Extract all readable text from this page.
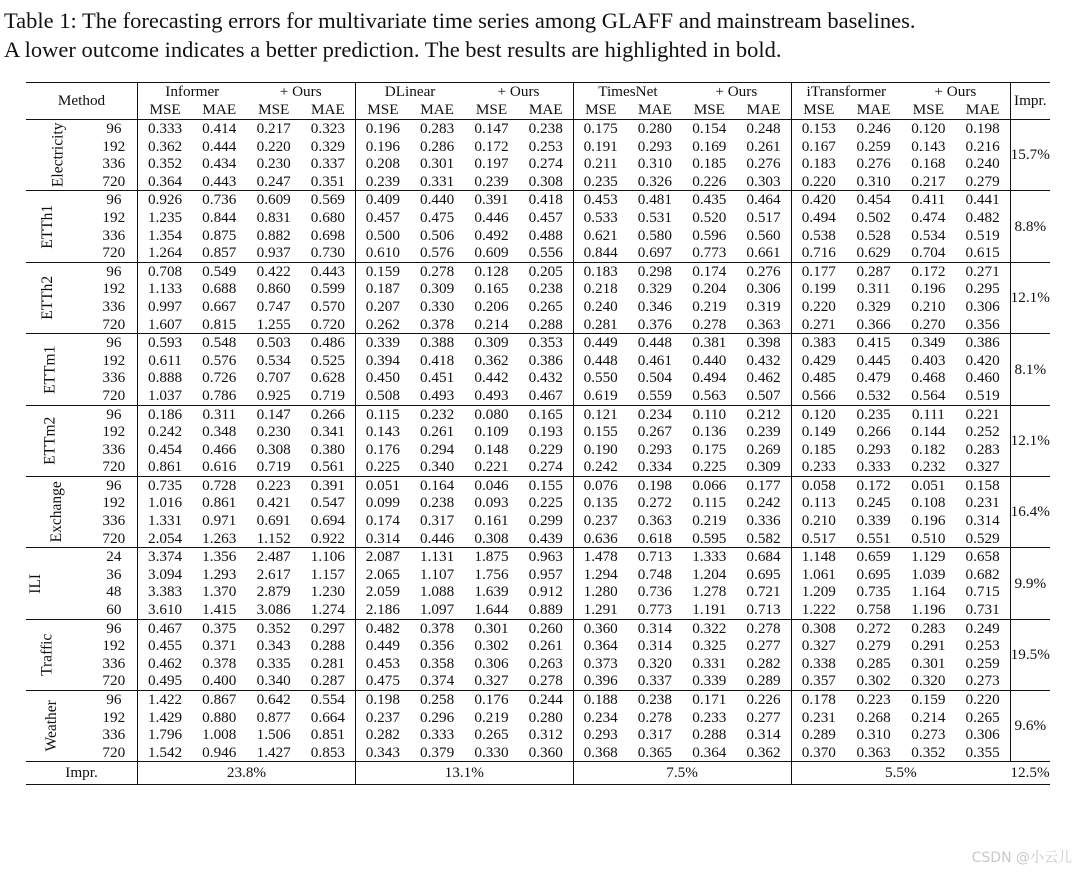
Table 1: The forecasting errors for multivariate time series among GLAFF and mainstream baselines.
A lower outcome indicates a better prediction. The best results are highlighted in bold.
Method		Informer		+ Ours		DLinear		+ Ours		TimesNet		+ Ours		iTransformer		+ Ours		Impr.
		MSE	MAE	MSE	MAE	MSE	MAE	MSE	MAE	MSE	MAE	MSE	MAE	MSE	MAE	MSE	MAE	
Electricity	96	0.333	0.414	0.217	0.323	0.196	0.283	0.147	0.238	0.175	0.280	0.154	0.248	0.153	0.246	0.120	0.198	15.7%
	192	0.362	0.444	0.220	0.329	0.196	0.286	0.172	0.253	0.191	0.293	0.169	0.261	0.167	0.259	0.143	0.216	
	336	0.352	0.434	0.230	0.337	0.208	0.301	0.197	0.274	0.211	0.310	0.185	0.276	0.183	0.276	0.168	0.240	
	720	0.364	0.443	0.247	0.351	0.239	0.331	0.239	0.308	0.235	0.326	0.226	0.303	0.220	0.310	0.217	0.279	
ETTh1	96	0.926	0.736	0.609	0.569	0.409	0.440	0.391	0.418	0.453	0.481	0.435	0.464	0.420	0.454	0.411	0.441	8.8%
	192	1.235	0.844	0.831	0.680	0.457	0.475	0.446	0.457	0.533	0.531	0.520	0.517	0.494	0.502	0.474	0.482	
	336	1.354	0.875	0.882	0.698	0.500	0.506	0.492	0.488	0.621	0.580	0.596	0.560	0.538	0.528	0.534	0.519	
	720	1.264	0.857	0.937	0.730	0.610	0.576	0.609	0.556	0.844	0.697	0.773	0.661	0.716	0.629	0.704	0.615	
ETTh2	96	0.708	0.549	0.422	0.443	0.159	0.278	0.128	0.205	0.183	0.298	0.174	0.276	0.177	0.287	0.172	0.271	12.1%
	192	1.133	0.688	0.860	0.599	0.187	0.309	0.165	0.238	0.218	0.329	0.204	0.306	0.199	0.311	0.196	0.295	
	336	0.997	0.667	0.747	0.570	0.207	0.330	0.206	0.265	0.240	0.346	0.219	0.319	0.220	0.329	0.210	0.306	
	720	1.607	0.815	1.255	0.720	0.262	0.378	0.214	0.288	0.281	0.376	0.278	0.363	0.271	0.366	0.270	0.356	
ETTm1	96	0.593	0.548	0.503	0.486	0.339	0.388	0.309	0.353	0.449	0.448	0.381	0.398	0.383	0.415	0.349	0.386	8.1%
	192	0.611	0.576	0.534	0.525	0.394	0.418	0.362	0.386	0.448	0.461	0.440	0.432	0.429	0.445	0.403	0.420	
	336	0.888	0.726	0.707	0.628	0.450	0.451	0.442	0.432	0.550	0.504	0.494	0.462	0.485	0.479	0.468	0.460	
	720	1.037	0.786	0.925	0.719	0.508	0.493	0.493	0.467	0.619	0.559	0.563	0.507	0.566	0.532	0.564	0.519	
ETTm2	96	0.186	0.311	0.147	0.266	0.115	0.232	0.080	0.165	0.121	0.234	0.110	0.212	0.120	0.235	0.111	0.221	12.1%
	192	0.242	0.348	0.230	0.341	0.143	0.261	0.109	0.193	0.155	0.267	0.136	0.239	0.149	0.266	0.144	0.252	
	336	0.454	0.466	0.308	0.380	0.176	0.294	0.148	0.229	0.190	0.293	0.175	0.269	0.185	0.293	0.182	0.283	
	720	0.861	0.616	0.719	0.561	0.225	0.340	0.221	0.274	0.242	0.334	0.225	0.309	0.233	0.333	0.232	0.327	
Exchange	96	0.735	0.728	0.223	0.391	0.051	0.164	0.046	0.155	0.076	0.198	0.066	0.177	0.058	0.172	0.051	0.158	16.4%
	192	1.016	0.861	0.421	0.547	0.099	0.238	0.093	0.225	0.135	0.272	0.115	0.242	0.113	0.245	0.108	0.231	
	336	1.331	0.971	0.691	0.694	0.174	0.317	0.161	0.299	0.237	0.363	0.219	0.336	0.210	0.339	0.196	0.314	
	720	2.054	1.263	1.152	0.922	0.314	0.446	0.308	0.439	0.636	0.618	0.595	0.582	0.517	0.551	0.510	0.529	
ILI	24	3.374	1.356	2.487	1.106	2.087	1.131	1.875	0.963	1.478	0.713	1.333	0.684	1.148	0.659	1.129	0.658	9.9%
	36	3.094	1.293	2.617	1.157	2.065	1.107	1.756	0.957	1.294	0.748	1.204	0.695	1.061	0.695	1.039	0.682	
	48	3.383	1.370	2.879	1.230	2.059	1.088	1.639	0.912	1.280	0.736	1.278	0.721	1.209	0.735	1.164	0.715	
	60	3.610	1.415	3.086	1.274	2.186	1.097	1.644	0.889	1.291	0.773	1.191	0.713	1.222	0.758	1.196	0.731	
Traffic	96	0.467	0.375	0.352	0.297	0.482	0.378	0.301	0.260	0.360	0.314	0.322	0.278	0.308	0.272	0.283	0.249	19.5%
	192	0.455	0.371	0.343	0.288	0.449	0.356	0.302	0.261	0.364	0.314	0.325	0.277	0.327	0.279	0.291	0.253	
	336	0.462	0.378	0.335	0.281	0.453	0.358	0.306	0.263	0.373	0.320	0.331	0.282	0.338	0.285	0.301	0.259	
	720	0.495	0.400	0.340	0.287	0.475	0.374	0.327	0.278	0.396	0.337	0.339	0.289	0.357	0.302	0.320	0.273	
Weather	96	1.422	0.867	0.642	0.554	0.198	0.258	0.176	0.244	0.188	0.238	0.171	0.226	0.178	0.223	0.159	0.220	9.6%
	192	1.429	0.880	0.877	0.664	0.237	0.296	0.219	0.280	0.234	0.278	0.233	0.277	0.231	0.268	0.214	0.265	
	336	1.796	1.008	1.506	0.851	0.282	0.333	0.265	0.312	0.293	0.317	0.288	0.314	0.289	0.310	0.273	0.306	
	720	1.542	0.946	1.427	0.853	0.343	0.379	0.330	0.360	0.368	0.365	0.364	0.362	0.370	0.363	0.352	0.355	
Impr.		23.8%				13.1%				7.5%				5.5%				12.5%
CSDN @小云儿
